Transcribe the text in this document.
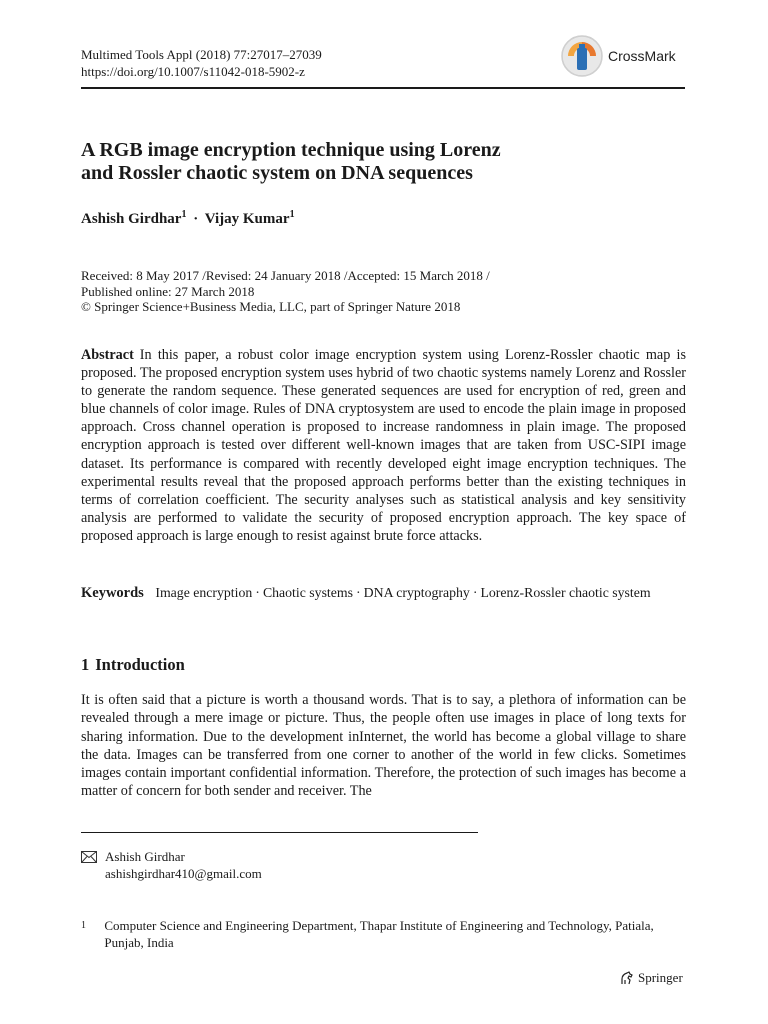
Multimed Tools Appl (2018) 77:27017–27039
https://doi.org/10.1007/s11042-018-5902-z
CrossMark
A RGB image encryption technique using Lorenz
and Rossler chaotic system on DNA sequences
Ashish Girdhar$^1$ · Vijay Kumar$^1$
Received: 8 May 2017 /Revised: 24 January 2018 /Accepted: 15 March 2018 /
Published online: 27 March 2018
© Springer Science+Business Media, LLC, part of Springer Nature 2018
Abstract In this paper, a robust color image encryption system using Lorenz-Rossler chaotic map is proposed. The proposed encryption system uses hybrid of two chaotic systems namely Lorenz and Rossler to generate the random sequence. These generated sequences are used for encryption of red, green and blue channels of color image. Rules of DNA cryptosystem are used to encode the plain image in proposed approach. Cross channel operation is proposed to increase randomness in plain image. The proposed encryption approach is tested over different well-known images that are taken from USC-SIPI image dataset. Its performance is compared with recently developed eight image encryption techniques. The experimental results reveal that the proposed approach performs better than the existing techniques in terms of correlation coefficient. The security analyses such as statistical analysis and key sensitivity analysis are performed to validate the security of proposed encryption approach. The key space of proposed approach is large enough to resist against brute force attacks.
Keywords Image encryption · Chaotic systems · DNA cryptography · Lorenz-Rossler chaotic system
1 Introduction
It is often said that a picture is worth a thousand words. That is to say, a plethora of information can be revealed through a mere image or picture. Thus, the people often use images in place of long texts for sharing information. Due to the development inInternet, the world has become a global village to share the data. Images can be transferred from one corner to another of the world in few clicks. Sometimes images contain important confidential information. Therefore, the protection of such images has become a matter of concern for both sender and receiver. The
Ashish Girdhar
ashishgirdhar410@gmail.com
1	Computer Science and Engineering Department, Thapar Institute of Engineering and Technology, Patiala, Punjab, India
Springer
